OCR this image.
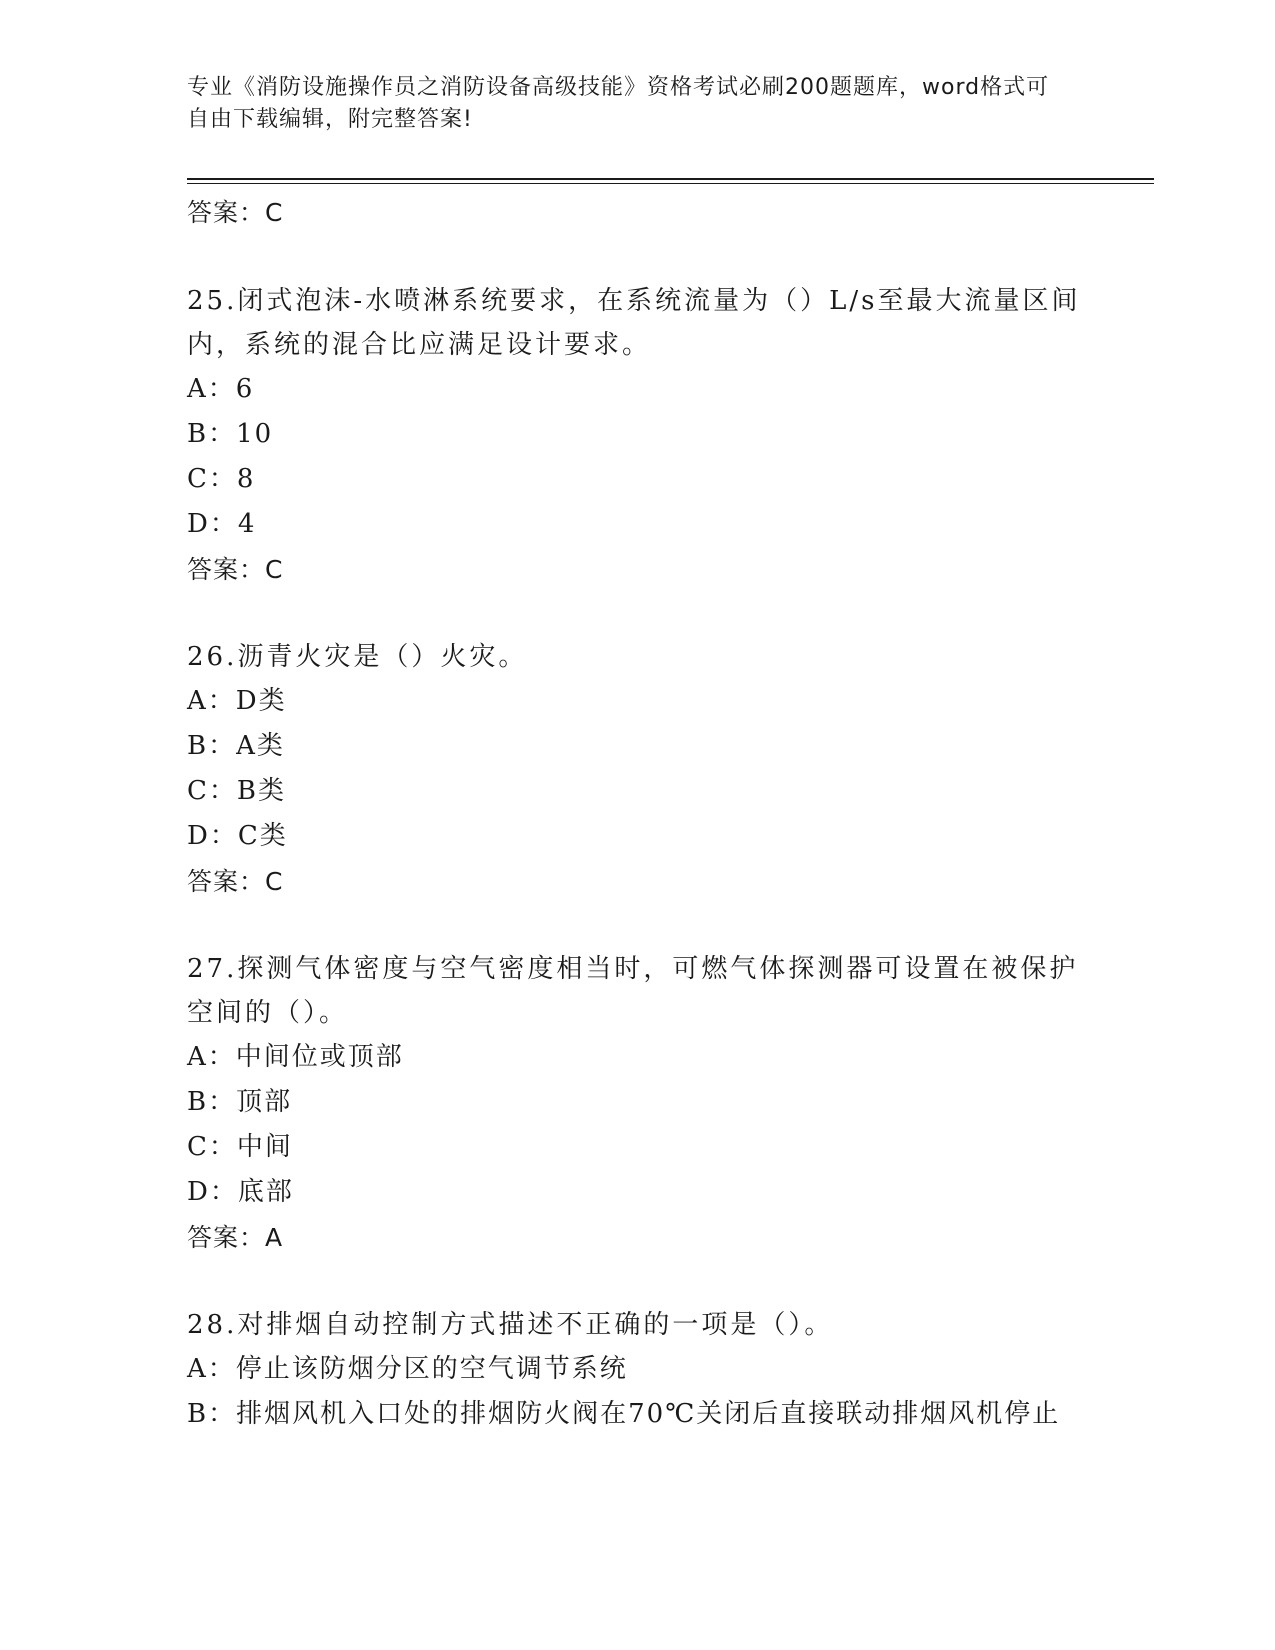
专业《消防设施操作员之消防设备高级技能》资格考试必刷200题题库，word格式可自由下载编辑，附完整答案!
答案：C
25.闭式泡沫-水喷淋系统要求，在系统流量为（）L/s至最大流量区间内，系统的混合比应满足设计要求。
A：6
B：10
C：8
D：4
答案：C
26.沥青火灾是（）火灾。
A：D类
B：A类
C：B类
D：C类
答案：C
27.探测气体密度与空气密度相当时，可燃气体探测器可设置在被保护空间的（）。
A：中间位或顶部
B：顶部
C：中间
D：底部
答案：A
28.对排烟自动控制方式描述不正确的一项是（）。
A：停止该防烟分区的空气调节系统
B：排烟风机入口处的排烟防火阀在70℃关闭后直接联动排烟风机停止
